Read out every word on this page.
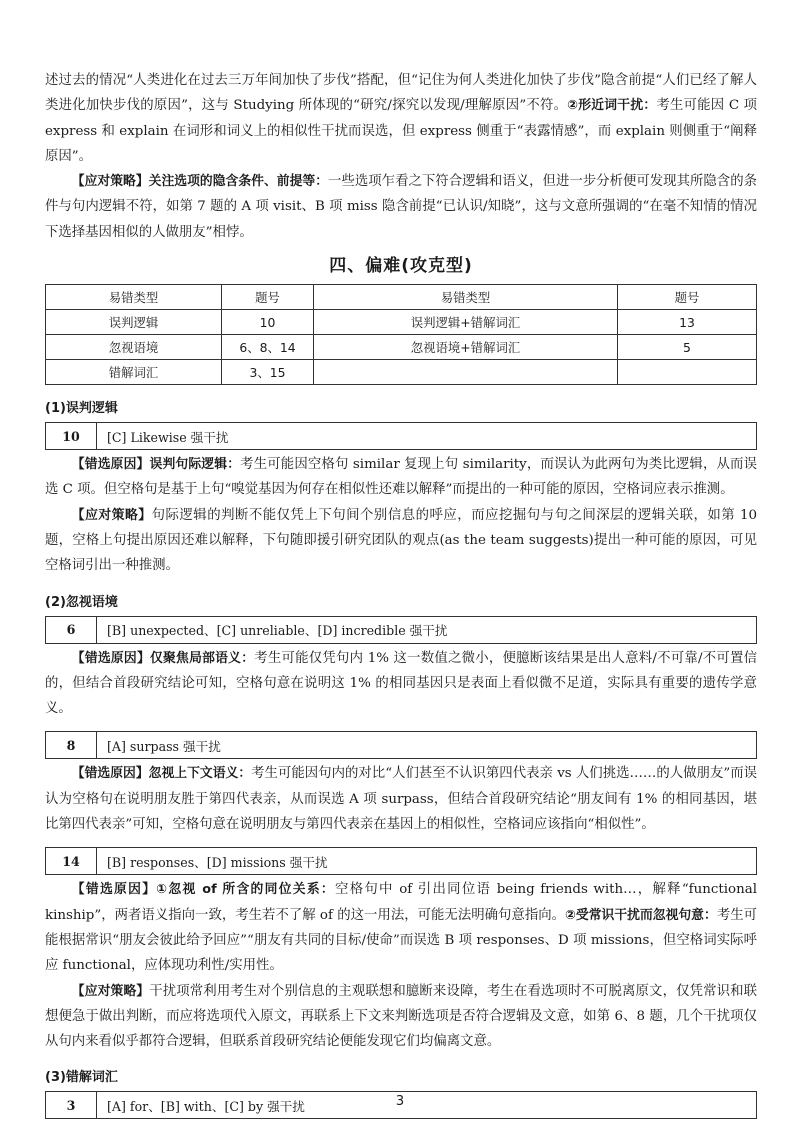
述过去的情况“人类进化在过去三万年间加快了步伐”搭配，但“记住为何人类进化加快了步伐”隐含前提“人们已经了解人类进化加快步伐的原因”，这与 Studying 所体现的“研究/探究以发现/理解原因”不符。②形近词干扰：考生可能因 C 项 express 和 explain 在词形和词义上的相似性干扰而误选，但 express 侧重于“表露情感”，而 explain 则侧重于“阐释原因”。

【应对策略】关注选项的隐含条件、前提等：一些选项乍看之下符合逻辑和语义，但进一步分析便可发现其所隐含的条件与句内逻辑不符，如第 7 题的 A 项 visit、B 项 miss 隐含前提“已认识/知晓”，这与文意所强调的“在毫不知情的情况下选择基因相似的人做朋友”相悖。

四、偏难(攻克型)
易错类型	题号	易错类型	题号
误判逻辑	10	误判逻辑+错解词汇	13
忽视语境	6、8、14	忽视语境+错解词汇	5
错解词汇	3、15		
(1)误判逻辑
10	[C] Likewise 强干扰

【错选原因】误判句际逻辑：考生可能因空格句 similar 复现上句 similarity，而误认为此两句为类比逻辑，从而误选 C 项。但空格句是基于上句“嗅觉基因为何存在相似性还难以解释”而提出的一种可能的原因，空格词应表示推测。

【应对策略】句际逻辑的判断不能仅凭上下句间个别信息的呼应，而应挖掘句与句之间深层的逻辑关联，如第 10 题，空格上句提出原因还难以解释，下句随即援引研究团队的观点(as the team suggests)提出一种可能的原因，可见空格词引出一种推测。

(2)忽视语境
6	[B] unexpected、[C] unreliable、[D] incredible 强干扰

【错选原因】仅聚焦局部语义：考生可能仅凭句内 1% 这一数值之微小，便臆断该结果是出人意料/不可靠/不可置信的，但结合首段研究结论可知，空格句意在说明这 1% 的相同基因只是表面上看似微不足道，实际具有重要的遗传学意义。

8	[A] surpass 强干扰

【错选原因】忽视上下文语义：考生可能因句内的对比“人们甚至不认识第四代表亲 vs 人们挑选……的人做朋友”而误认为空格句在说明朋友胜于第四代表亲，从而误选 A 项 surpass，但结合首段研究结论“朋友间有 1% 的相同基因，堪比第四代表亲”可知，空格句意在说明朋友与第四代表亲在基因上的相似性，空格词应该指向“相似性”。

14	[B] responses、[D] missions 强干扰

【错选原因】①忽视 of 所含的同位关系：空格句中 of 引出同位语 being friends with…，解释“functional kinship”，两者语义指向一致，考生若不了解 of 的这一用法，可能无法明确句意指向。②受常识干扰而忽视句意：考生可能根据常识“朋友会彼此给予回应”“朋友有共同的目标/使命”而误选 B 项 responses、D 项 missions，但空格词实际呼应 functional，应体现功利性/实用性。

【应对策略】干扰项常利用考生对个别信息的主观联想和臆断来设障，考生在看选项时不可脱离原文，仅凭常识和联想便急于做出判断，而应将选项代入原文，再联系上下文来判断选项是否符合逻辑及文意，如第 6、8 题，几个干扰项仅从句内来看似乎都符合逻辑，但联系首段研究结论便能发现它们均偏离文意。

(3)错解词汇
3	[A] for、[B] with、[C] by 强干扰	3
